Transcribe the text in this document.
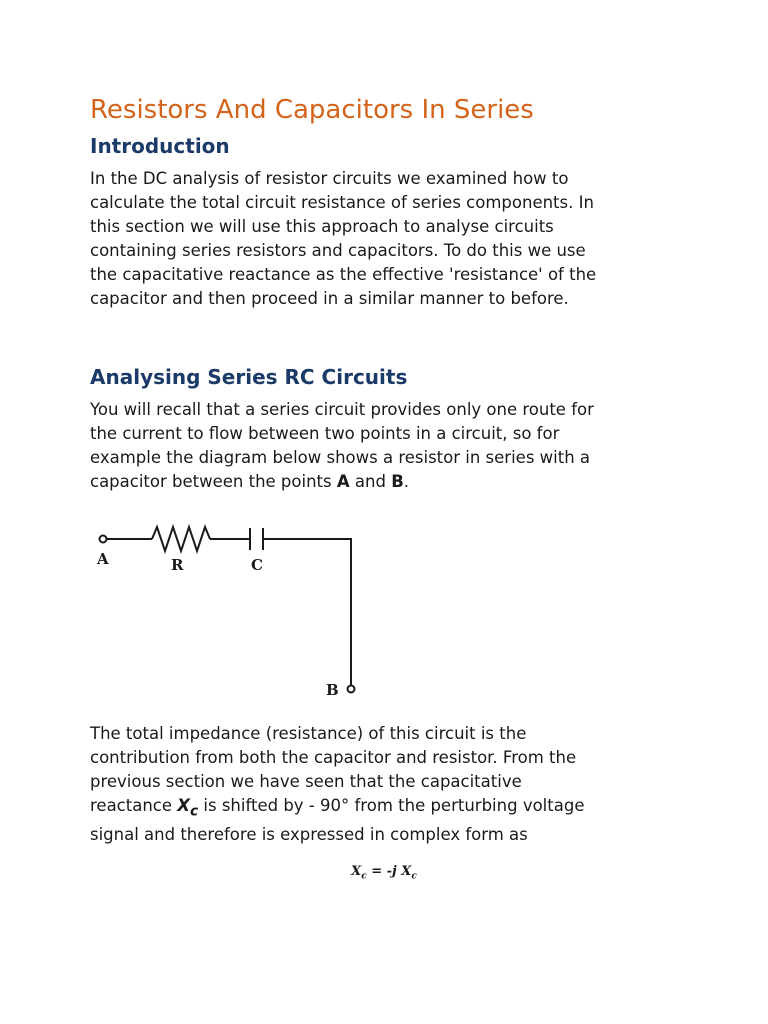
Resistors And Capacitors In Series
Introduction

In the DC analysis of resistor circuits we examined how to
calculate the total circuit resistance of series components. In
this section we will use this approach to analyse circuits
containing series resistors and capacitors. To do this we use
the capacitative reactance as the effective 'resistance' of the
capacitor and then proceed in a similar manner to before.

Analysing Series RC Circuits

You will recall that a series circuit provides only one route for
the current to flow between two points in a circuit, so for
example the diagram below shows a resistor in series with a
capacitor between the points A and B.

A	R	C
B

The total impedance (resistance) of this circuit is the
contribution from both the capacitor and resistor. From the
previous section we have seen that the capacitative
reactance $X_c$ is shifted by - 90° from the perturbing voltage
signal and therefore is expressed in complex form as

$X_c = -j$ $X_c$
